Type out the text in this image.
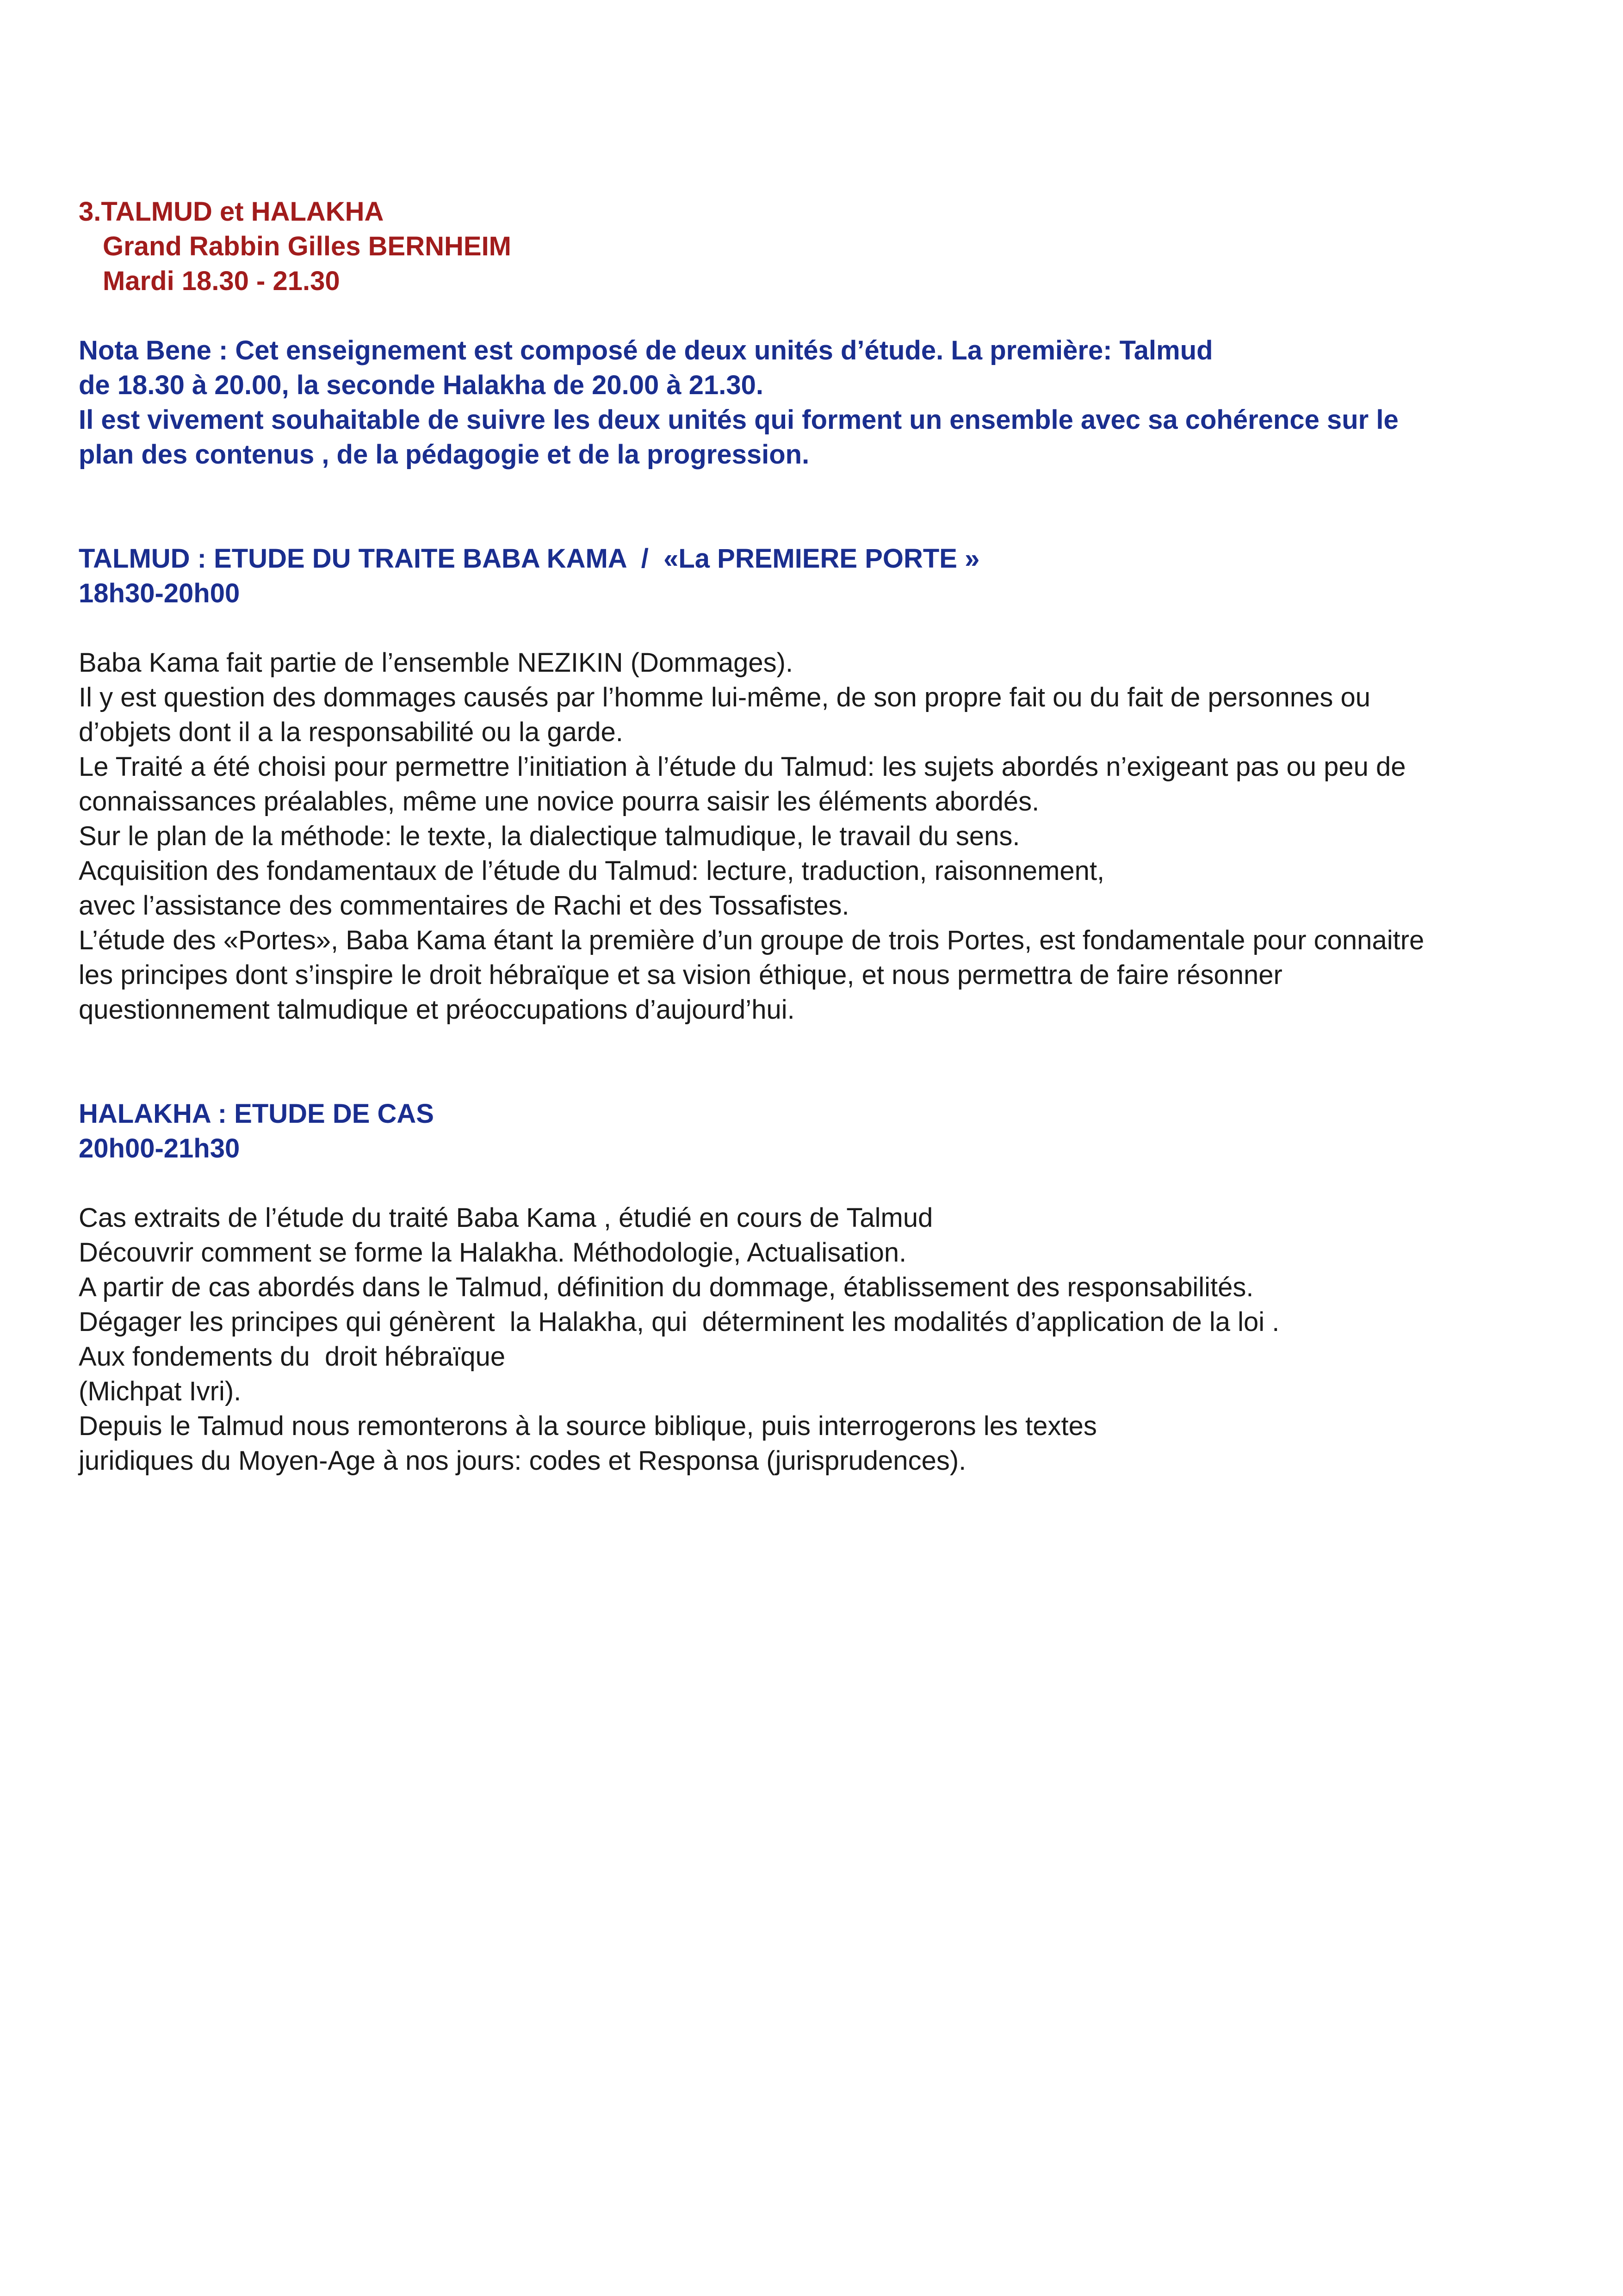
3.TALMUD et HALAKHA
Grand Rabbin Gilles BERNHEIM
Mardi 18.30 - 21.30
Nota Bene : Cet enseignement est composé de deux unités d’étude. La première: Talmud
de 18.30 à 20.00, la seconde Halakha de 20.00 à 21.30.
Il est vivement souhaitable de suivre les deux unités qui forment un ensemble avec sa cohérence sur le
plan des contenus , de la pédagogie et de la progression.
TALMUD : ETUDE DU TRAITE BABA KAMA  /  «La PREMIERE PORTE »
18h30-20h00
Baba Kama fait partie de l’ensemble NEZIKIN (Dommages).
Il y est question des dommages causés par l’homme lui-même, de son propre fait ou du fait de personnes ou
d’objets dont il a la responsabilité ou la garde.
Le Traité a été choisi pour permettre l’initiation à l’étude du Talmud: les sujets abordés n’exigeant pas ou peu de
connaissances préalables, même une novice pourra saisir les éléments abordés.
Sur le plan de la méthode: le texte, la dialectique talmudique, le travail du sens.
Acquisition des fondamentaux de l’étude du Talmud: lecture, traduction, raisonnement,
avec l’assistance des commentaires de Rachi et des Tossafistes.
L’étude des «Portes», Baba Kama étant la première d’un groupe de trois Portes, est fondamentale pour connaitre
les principes dont s’inspire le droit hébraïque et sa vision éthique, et nous permettra de faire résonner
questionnement talmudique et préoccupations d’aujourd’hui.
HALAKHA : ETUDE DE CAS
20h00-21h30
Cas extraits de l’étude du traité Baba Kama , étudié en cours de Talmud
Découvrir comment se forme la Halakha. Méthodologie, Actualisation.
A partir de cas abordés dans le Talmud, définition du dommage, établissement des responsabilités.
Dégager les principes qui génèrent  la Halakha, qui  déterminent les modalités d’application de la loi .
Aux fondements du  droit hébraïque
(Michpat Ivri).
Depuis le Talmud nous remonterons à la source biblique, puis interrogerons les textes
juridiques du Moyen-Age à nos jours: codes et Responsa (jurisprudences).
